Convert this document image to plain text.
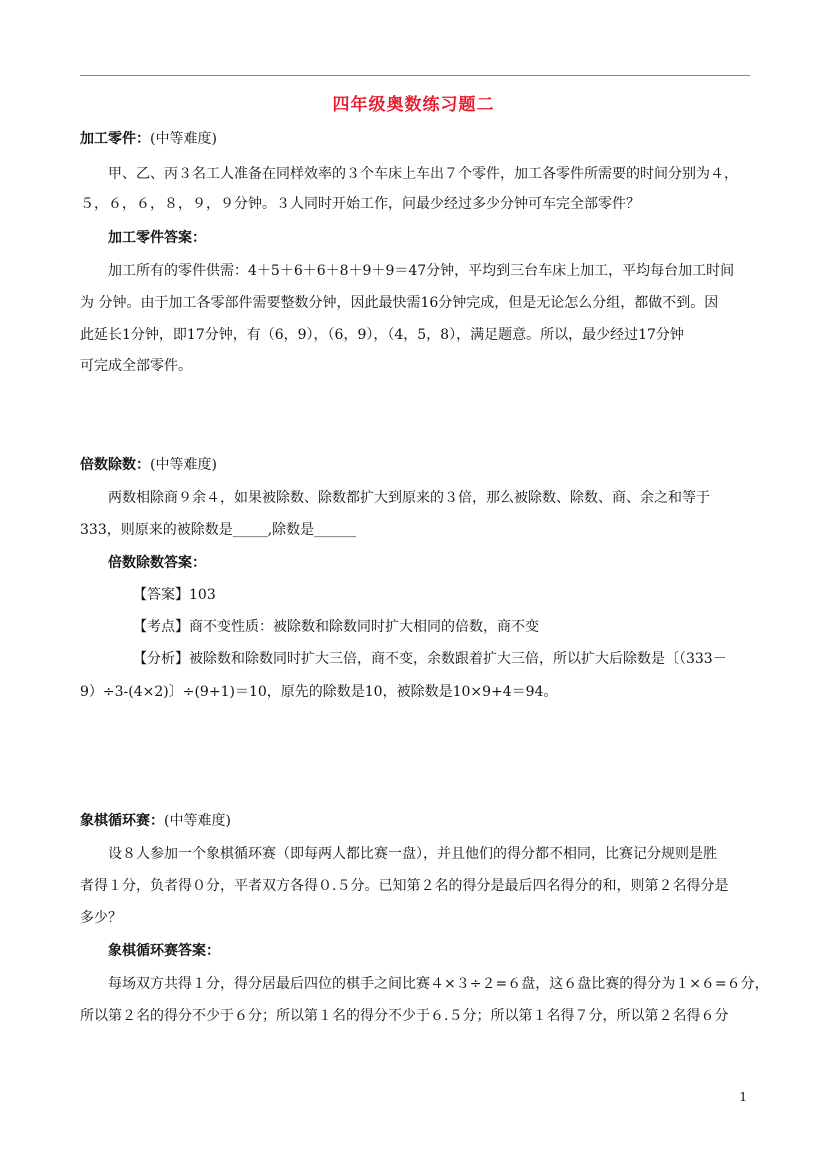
四年级奥数练习题二
加工零件：(中等难度)
甲、乙、丙３名工人准备在同样效率的３个车床上车出７个零件，加工各零件所需要的时间分别为４，
５，６，６，８，９，９分钟。３人同时开始工作，问最少经过多少分钟可车完全部零件？
加工零件答案：
加工所有的零件供需：4＋5＋6＋6＋8＋9＋9＝47分钟，平均到三台车床上加工，平均每台加工时间
为 分钟。由于加工各零部件需要整数分钟，因此最快需16分钟完成，但是无论怎么分组，都做不到。因
此延长1分钟，即17分钟，有（6，9），（6，9），（4，5，8），满足题意。所以，最少经过17分钟
可完成全部零件。
倍数除数：(中等难度)
两数相除商９余４，如果被除数、除数都扩大到原来的３倍，那么被除数、除数、商、余之和等于
333，则原来的被除数是_____,除数是______
倍数除数答案：
【答案】103
【考点】商不变性质：被除数和除数同时扩大相同的倍数，商不变
【分析】被除数和除数同时扩大三倍，商不变，余数跟着扩大三倍，所以扩大后除数是〔（333－
9）÷3-(4×2)〕÷(9+1)＝10，原先的除数是10，被除数是10×9+4＝94。
象棋循环赛：(中等难度)
设８人参加一个象棋循环赛（即每两人都比赛一盘），并且他们的得分都不相同，比赛记分规则是胜
者得１分，负者得０分，平者双方各得０.５分。已知第２名的得分是最后四名得分的和，则第２名得分是
多少？
象棋循环赛答案：
每场双方共得１分，得分居最后四位的棋手之间比赛４×３÷２=６盘，这６盘比赛的得分为１×６=６分，
所以第２名的得分不少于６分；所以第１名的得分不少于６.５分；所以第１名得７分，所以第２名得６分
1
